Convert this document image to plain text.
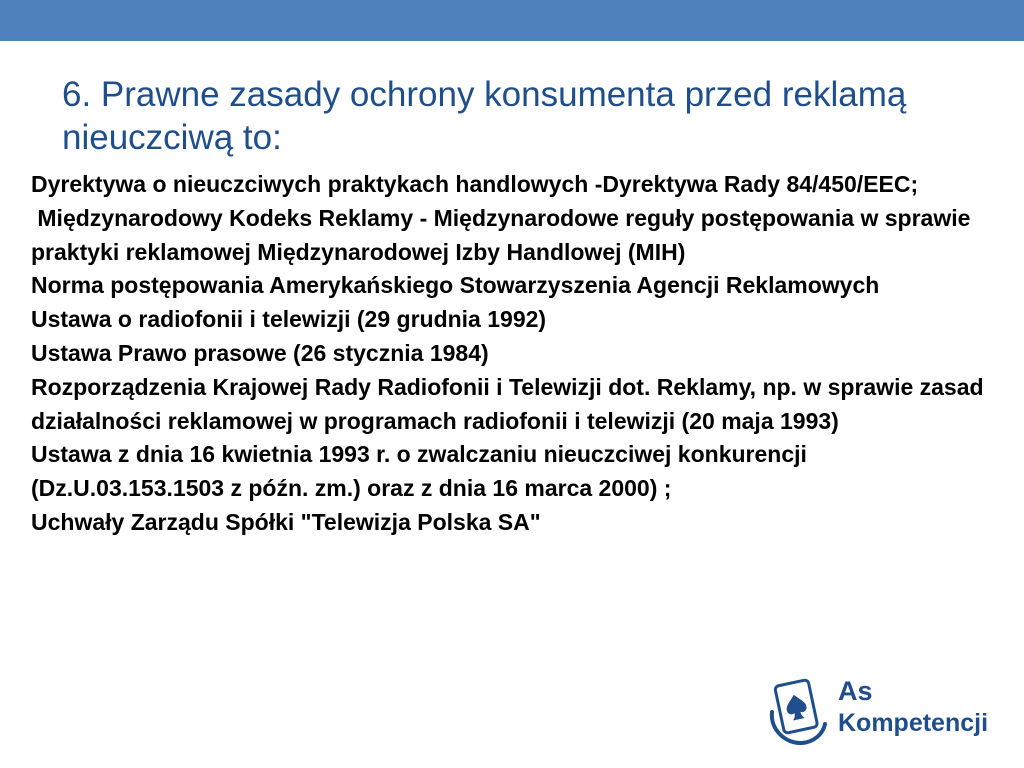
6. Prawne zasady ochrony konsumenta przed reklamą nieuczciwą to:
Dyrektywa o nieuczciwych praktykach handlowych -Dyrektywa Rady 84/450/EEC;
Międzynarodowy Kodeks Reklamy - Międzynarodowe reguły postępowania w sprawie praktyki reklamowej Międzynarodowej Izby Handlowej (MIH)
Norma postępowania Amerykańskiego Stowarzyszenia Agencji Reklamowych
Ustawa o radiofonii i telewizji (29 grudnia 1992)
Ustawa Prawo prasowe (26 stycznia 1984)
Rozporządzenia Krajowej Rady Radiofonii i Telewizji dot. Reklamy, np. w sprawie zasad działalności reklamowej w programach radiofonii i telewizji (20 maja 1993)
Ustawa z dnia 16 kwietnia 1993 r. o zwalczaniu nieuczciwej konkurencji (Dz.U.03.153.1503 z późn. zm.) oraz z dnia 16 marca 2000) ;
Uchwały Zarządu Spółki "Telewizja Polska SA"
As
Kompetencji
